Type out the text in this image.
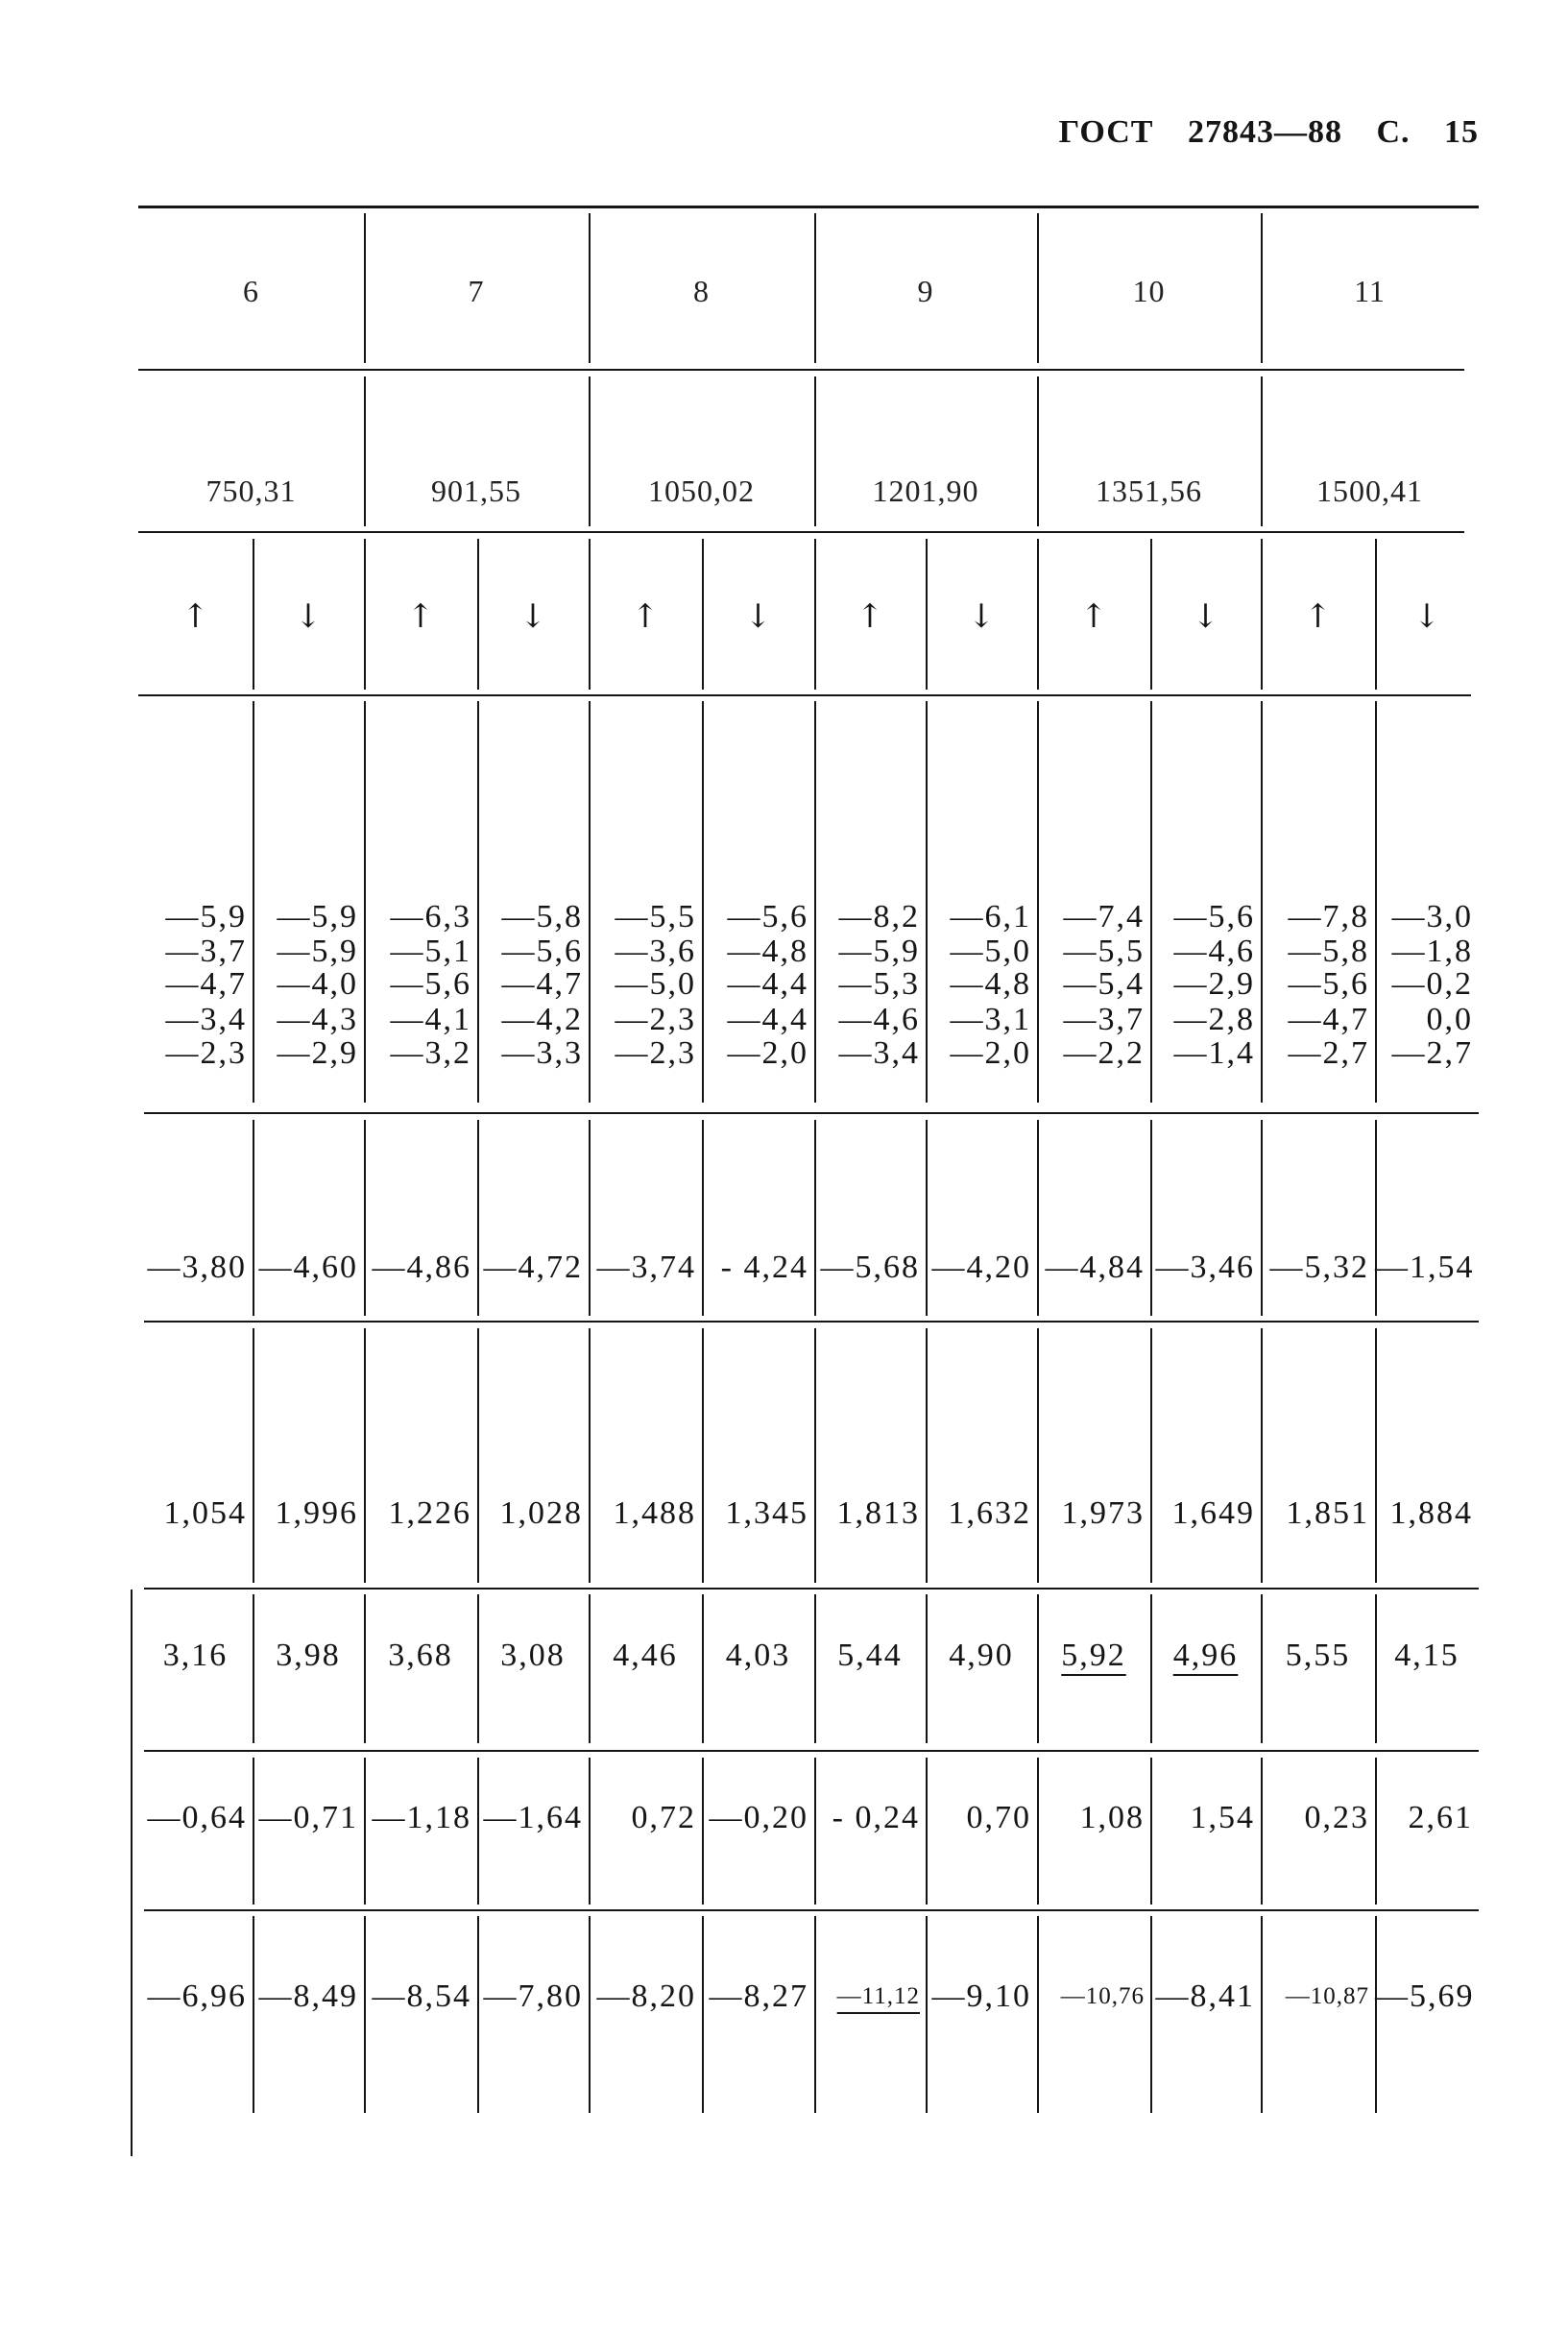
ГОСТ 27843—88 С. 15
6	7	8	9	10	11
750,31	901,55	1050,02	1201,90	1351,56	1500,41
↑	↓	↑	↓	↑	↓	↑	↓	↑	↓	↑	↓
—5,9 —5,9 —6,3 —5,8 —5,5 —5,6 —8,2 —6,1 —7,4 —5,6	—7,8 —3,0
—3,7 —5,9 —5,1 —5,6 —3,6 —4,8 —5,9 —5,0 —5,5 —4,6	—5,8 —1,8
—4,7 —4,0 —5,6 —4,7 —5,0 —4,4 —5,3 —4,8 —5,4 —2,9	—5,6 —0,2
—3,4 —4,3 —4,1 —4,2 —2,3 —4,4 —4,6 —3,1 —3,7 —2,8	—4,7	0,0
—2,3 —2,9 —3,2 —3,3 —2,3 —2,0 —3,4 —2,0 —2,2 —1,4	—2,7 —2,7
—3,80 —4,60 —4,86 —4,72 —3,74 - 4,24 —5,68 —4,20 —4,84 —3,46 —5,32 —1,54
1,054 1,996 1,226 1,028 1,488 1,345 1,813 1,632 1,973 1,649 1,851 1,884
3,16	3,98	3,68	3,08	4,46	4,03	5,44	4,90	5,92	4,96	5,55	4,15
—0,64 —0,71 —1,18 —1,64	0,72 —0,20 - 0,24	0,70	1,08	1,54	0,23	2,61
—6,96 —8,49 —8,54 —7,80 —8,20 —8,27	—11,12 —9,10	—10,76 —8,41	—10,87 —5,69
